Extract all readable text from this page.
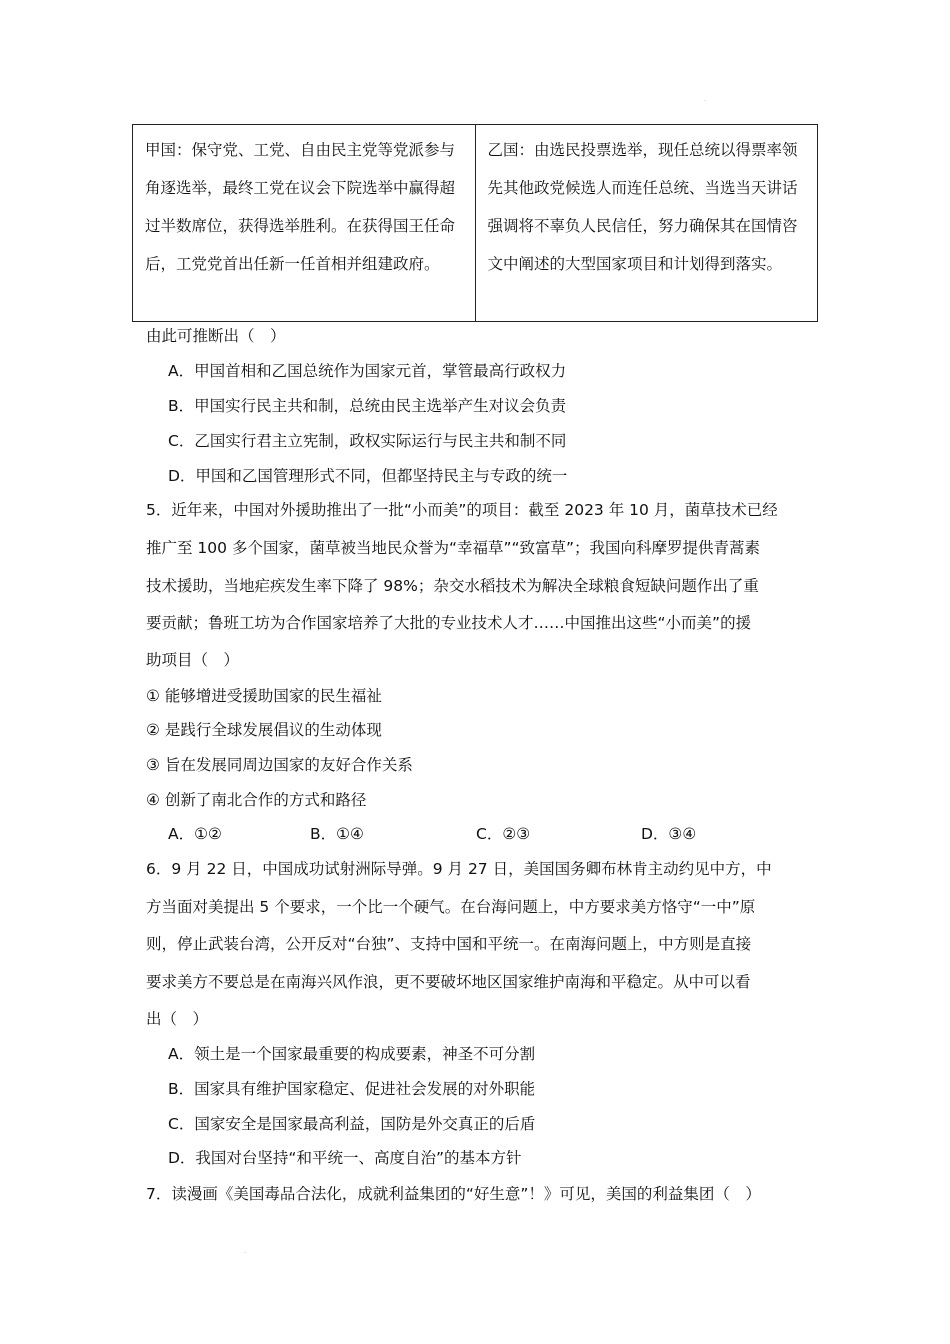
·
甲国：保守党、工党、自由民主党等党派参与角逐选举，最终工党在议会下院选举中赢得超过半数席位，获得选举胜利。在获得国王任命后，工党党首出任新一任首相并组建政府。	乙国：由选民投票选举，现任总统以得票率领先其他政党候选人而连任总统、当选当天讲话强调将不辜负人民信任，努力确保其在国情咨文中阐述的大型国家项目和计划得到落实。
由此可推断出（　）
A．甲国首相和乙国总统作为国家元首，掌管最高行政权力
B．甲国实行民主共和制，总统由民主选举产生对议会负责
C．乙国实行君主立宪制，政权实际运行与民主共和制不同
D．甲国和乙国管理形式不同，但都坚持民主与专政的统一
5．近年来，中国对外援助推出了一批“小而美”的项目：截至 2023 年 10 月，菌草技术已经
推广至 100 多个国家，菌草被当地民众誉为“幸福草”“致富草”；我国向科摩罗提供青蒿素
技术援助，当地疟疾发生率下降了 98%；杂交水稻技术为解决全球粮食短缺问题作出了重
要贡献；鲁班工坊为合作国家培养了大批的专业技术人才……中国推出这些“小而美”的援
助项目（　）
① 能够增进受援助国家的民生福祉
② 是践行全球发展倡议的生动体现
③ 旨在发展同周边国家的友好合作关系
④ 创新了南北合作的方式和路径
A．①②	B．①④	C．②③	D．③④
6．9 月 22 日，中国成功试射洲际导弹。9 月 27 日，美国国务卿布林肯主动约见中方，中
方当面对美提出 5 个要求，一个比一个硬气。在台海问题上，中方要求美方恪守“一中”原
则，停止武装台湾，公开反对“台独”、支持中国和平统一。在南海问题上，中方则是直接
要求美方不要总是在南海兴风作浪，更不要破坏地区国家维护南海和平稳定。从中可以看
出（　）
A．领土是一个国家最重要的构成要素，神圣不可分割
B．国家具有维护国家稳定、促进社会发展的对外职能
C．国家安全是国家最高利益，国防是外交真正的后盾
D．我国对台坚持“和平统一、高度自治”的基本方针
7．读漫画《美国毒品合法化，成就利益集团的“好生意”！》可见，美国的利益集团（　）
·
